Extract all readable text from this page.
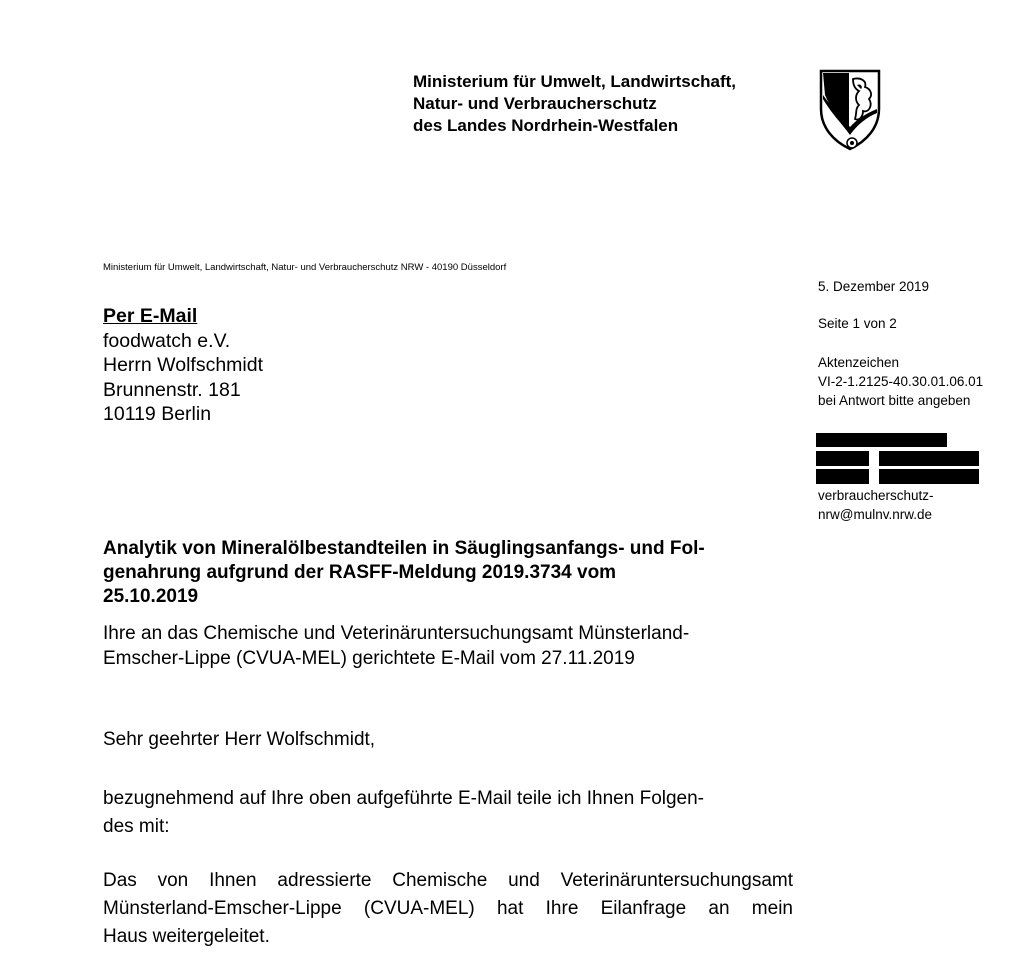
Ministerium für Umwelt, Landwirtschaft,
Natur- und Verbraucherschutz
des Landes Nordrhein-Westfalen
Ministerium für Umwelt, Landwirtschaft, Natur- und Verbraucherschutz NRW - 40190 Düsseldorf
Per E-Mail
foodwatch e.V.
Herrn Wolfschmidt
Brunnenstr. 181
10119 Berlin
5. Dezember 2019
Seite 1 von 2
Aktenzeichen
VI-2-1.2125-40.30.01.06.01
bei Antwort bitte angeben
verbraucherschutz-
nrw@mulnv.nrw.de
Analytik von Mineralölbestandteilen in Säuglingsanfangs- und Fol-
genahrung aufgrund der RASFF-Meldung 2019.3734 vom
25.10.2019
Ihre an das Chemische und Veterinäruntersuchungsamt Münsterland-
Emscher-Lippe (CVUA-MEL) gerichtete E-Mail vom 27.11.2019
Sehr geehrter Herr Wolfschmidt,
bezugnehmend auf Ihre oben aufgeführte E-Mail teile ich Ihnen Folgen-
des mit:
Das von Ihnen adressierte Chemische und Veterinäruntersuchungsamt
Münsterland-Emscher-Lippe (CVUA-MEL) hat Ihre Eilanfrage an mein
Haus weitergeleitet.
